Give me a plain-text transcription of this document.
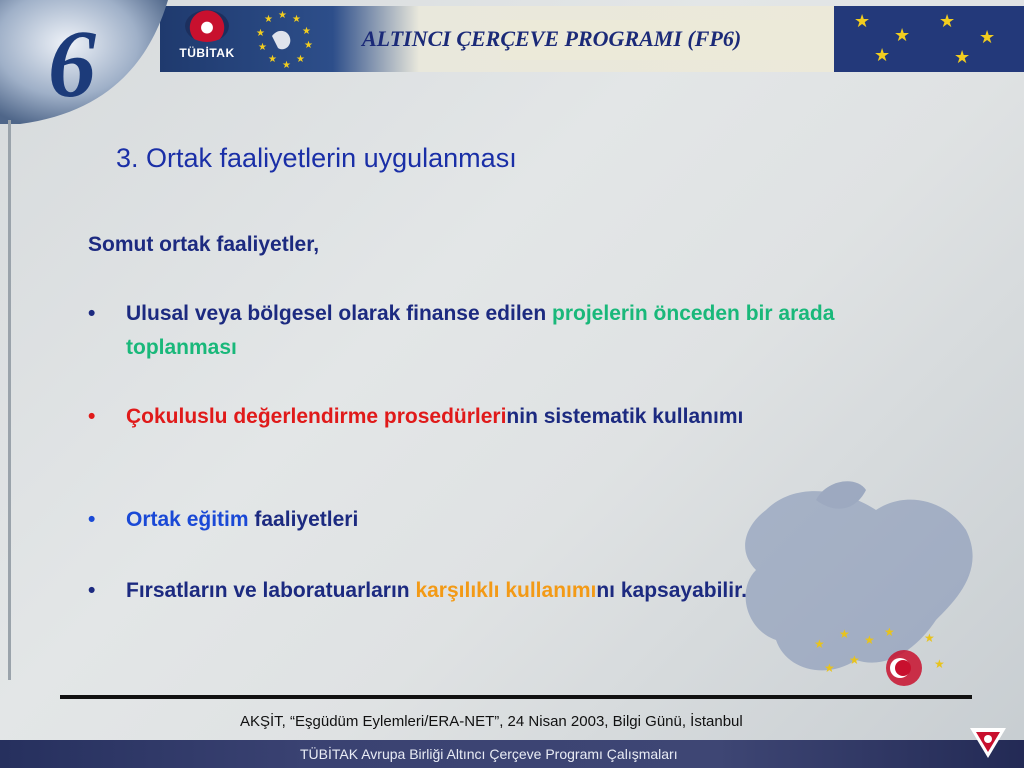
★
★
★
★
★	★
6	TÜBİTAK
★ ★
★
★
★
★
★
★
★
★
ALTINCI ÇERÇEVE PROGRAMI (FP6)
★
★ ★
★ ★
★
★	★
3. Ortak faaliyetlerin uygulanması
Somut ortak faaliyetler,
•	Ulusal veya bölgesel olarak finanse edilen projelerin önceden bir arada toplanması
•	Çokuluslu değerlendirme prosedürlerinin sistematik kullanımı
•	Ortak eğitim faaliyetleri
•	Fırsatların ve laboratuarların karşılıklı kullanımını kapsayabilir.
AKŞİT, “Eşgüdüm Eylemleri/ERA-NET”, 24 Nisan 2003, Bilgi Günü, İstanbul
TÜBİTAK Avrupa Birliği Altıncı Çerçeve Programı Çalışmaları
